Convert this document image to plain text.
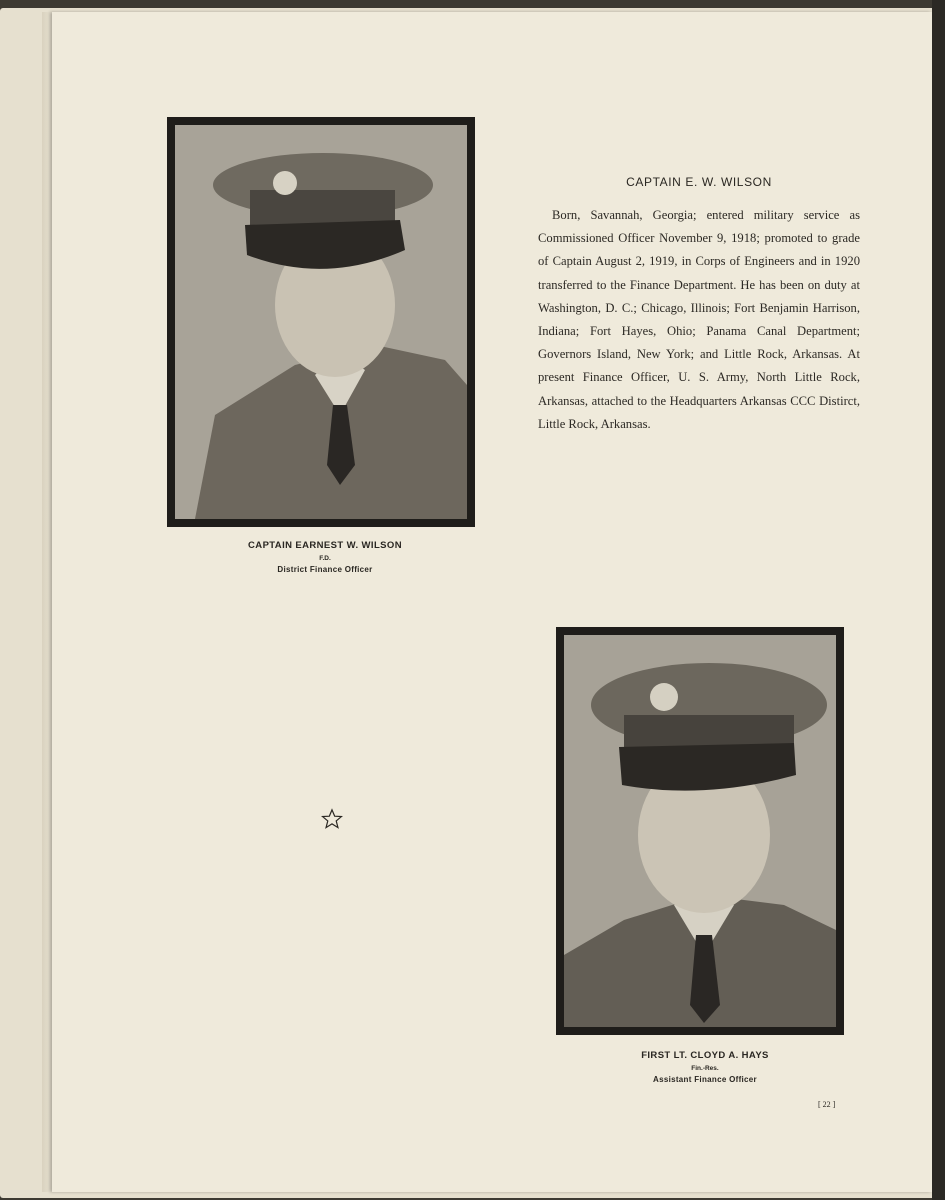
CAPTAIN EARNEST W. WILSON
F.D.
District Finance Officer
CAPTAIN E. W. WILSON
Born, Savannah, Georgia; entered military service as Commissioned Officer November 9, 1918; promoted to grade of Captain August 2, 1919, in Corps of Engineers and in 1920 transferred to the Finance Department. He has been on duty at Washington, D. C.; Chicago, Illinois; Fort Benjamin Harrison, Indiana; Fort Hayes, Ohio; Panama Canal Department; Governors Island, New York; and Little Rock, Arkansas. At present Finance Officer, U. S. Army, North Little Rock, Arkansas, attached to the Headquarters Arkansas CCC Distirct, Little Rock, Arkansas.
FIRST LT. CLOYD A. HAYS
Fin.-Res.
Assistant Finance Officer
[ 22 ]
